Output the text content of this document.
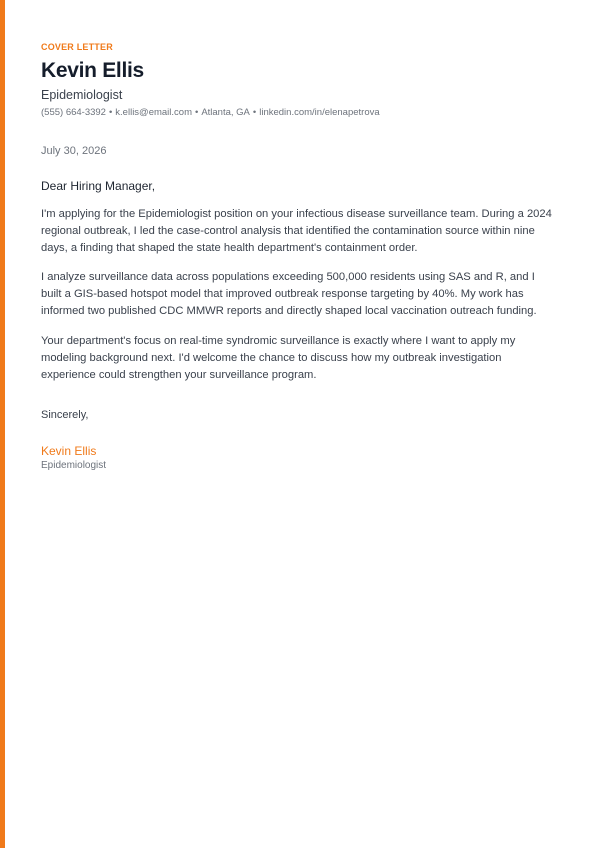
COVER LETTER
Kevin Ellis
Epidemiologist
(555) 664-3392 • k.ellis@email.com • Atlanta, GA • linkedin.com/in/elenapetrova
July 30, 2026
Dear Hiring Manager,

I'm applying for the Epidemiologist position on your infectious disease surveillance team. During a 2024 regional outbreak, I led the case-control analysis that identified the contamination source within nine days, a finding that shaped the state health department's containment order.

I analyze surveillance data across populations exceeding 500,000 residents using SAS and R, and I built a GIS-based hotspot model that improved outbreak response targeting by 40%. My work has informed two published CDC MMWR reports and directly shaped local vaccination outreach funding.

Your department's focus on real-time syndromic surveillance is exactly where I want to apply my modeling background next. I'd welcome the chance to discuss how my outbreak investigation experience could strengthen your surveillance program.

Sincerely,
Kevin Ellis
Epidemiologist
